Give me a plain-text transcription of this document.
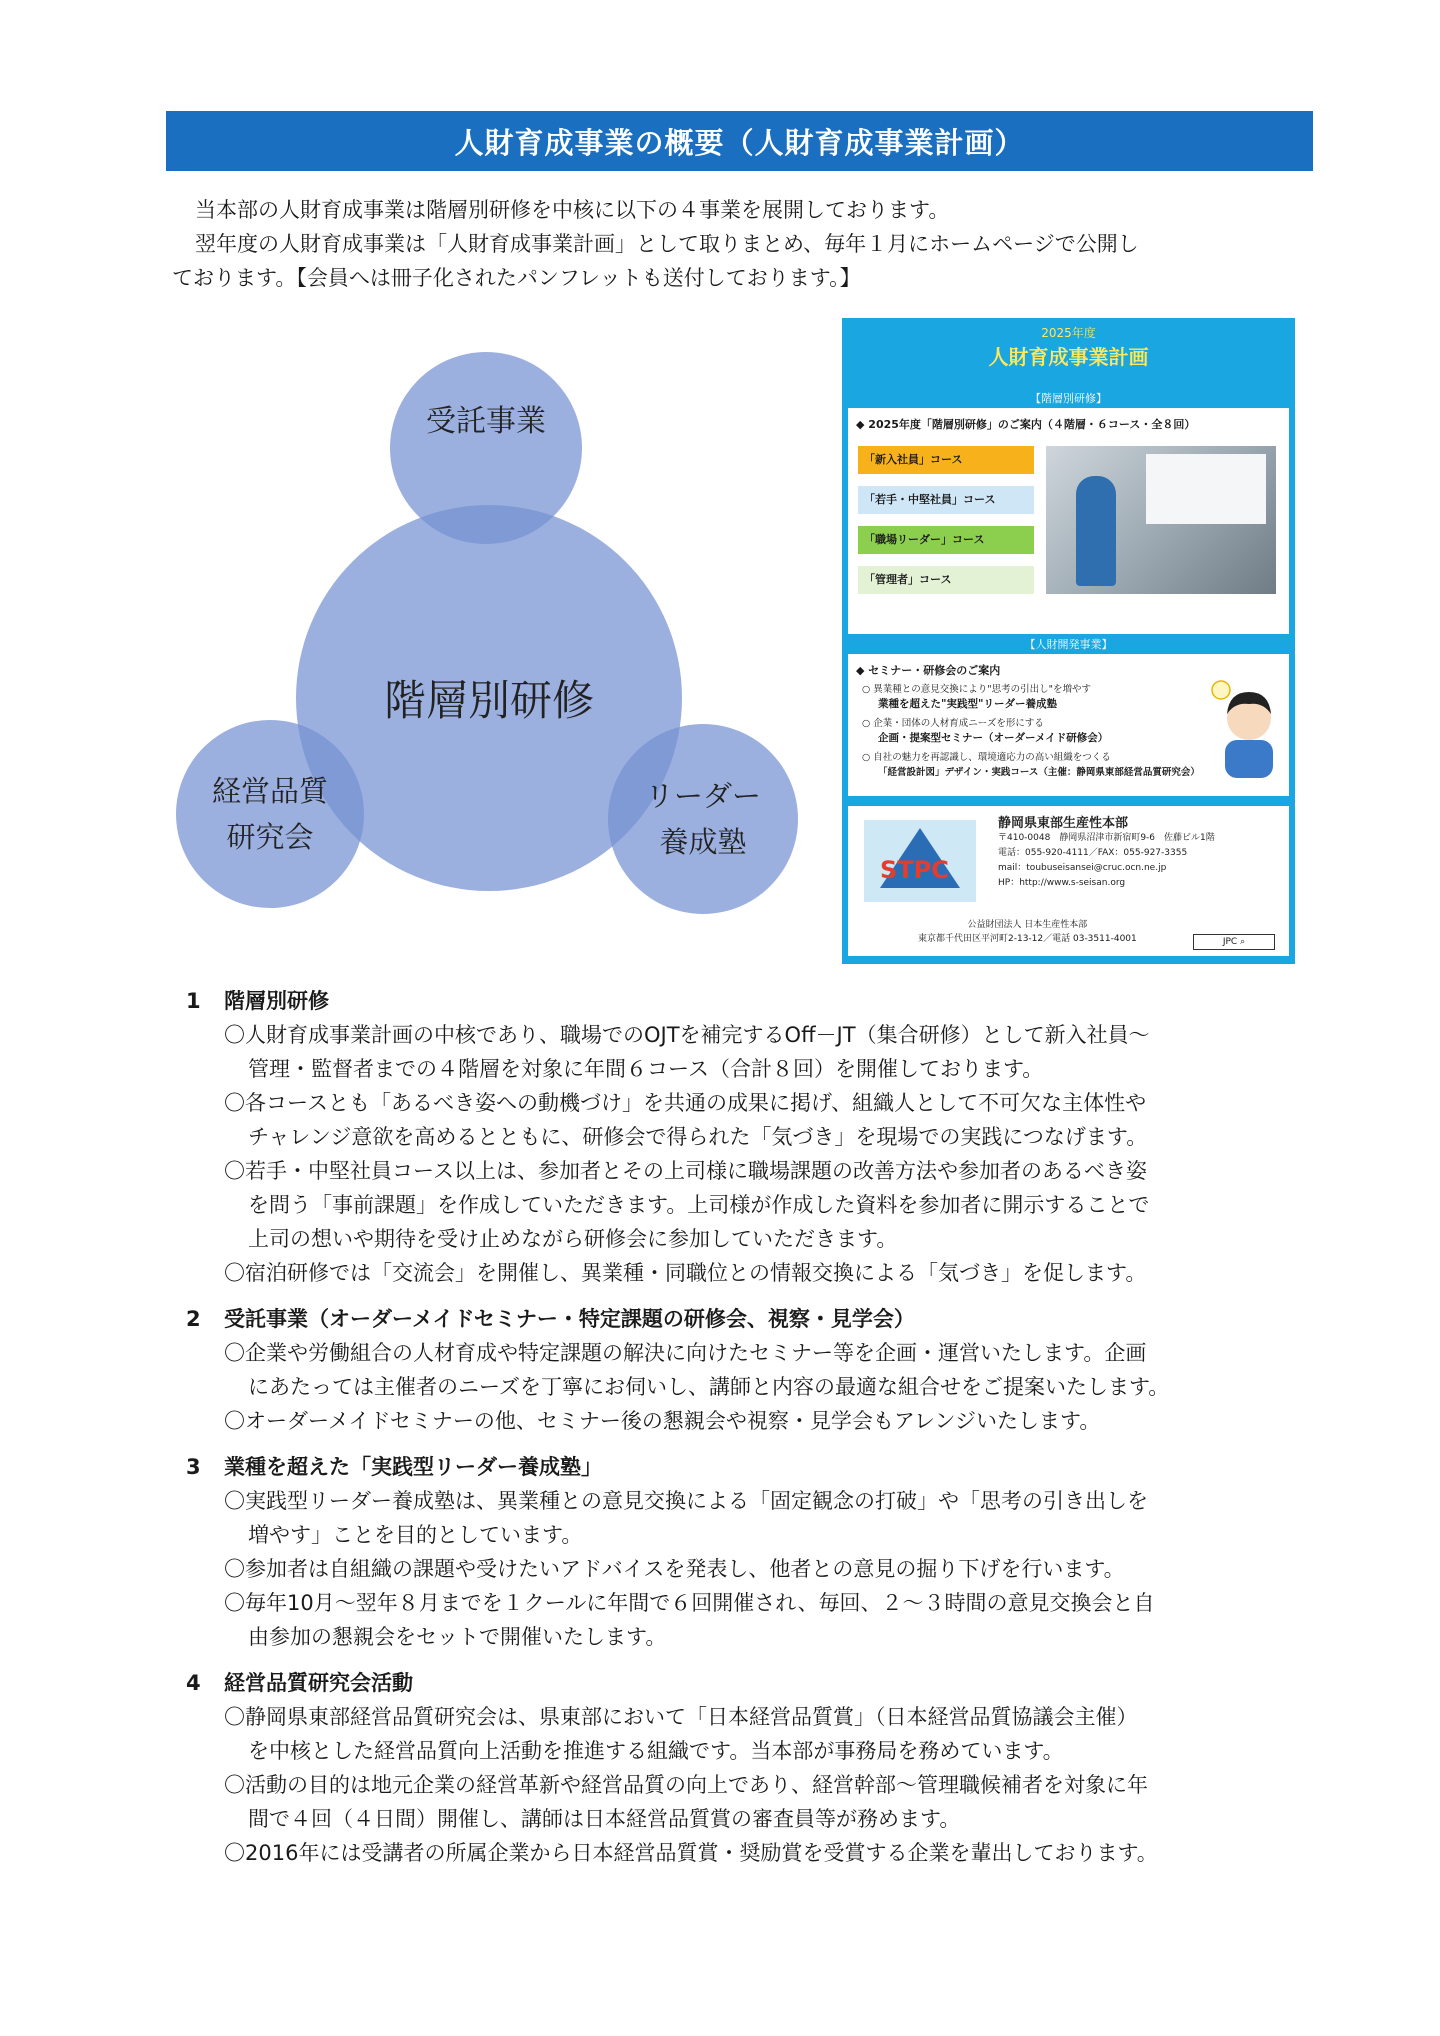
人財育成事業の概要（人財育成事業計画）

当本部の人財育成事業は階層別研修を中核に以下の４事業を展開しております。

翌年度の人財育成事業は「人財育成事業計画」として取りまとめ、毎年１月にホームページで公開し

ております。【会員へは冊子化されたパンフレットも送付しております。】

受託事業
階層別研修
経営品質
研究会
リーダー
養成塾
2025年度
人財育成事業計画
【階層別研修】
◆ 2025年度「階層別研修」のご案内（４階層・６コース・全８回）
「新入社員」コース
「若手・中堅社員」コース
「職場リーダー」コース
「管理者」コース
【人財開発事業】
◆ セミナー・研修会のご案内
○ 異業種との意見交換により"思考の引出し"を増やす
業種を超えた"実践型"リーダー養成塾
○ 企業・団体の人材育成ニーズを形にする
企画・提案型セミナー（オーダーメイド研修会）
○ 自社の魅力を再認識し、環境適応力の高い組織をつくる
「経営設計図」デザイン・実践コース（主催：静岡県東部経営品質研究会）
STPC
静岡県東部生産性本部
〒410-0048　静岡県沼津市新宿町9-6　佐藤ビル1階
電話：055-920-4111／FAX：055-927-3355
mail：toubuseisansei@cruc.ocn.ne.jp
HP：http://www.s-seisan.org
公益財団法人 日本生産性本部
東京都千代田区平河町2-13-12／電話 03-3511-4001	JPC ⌕
1	階層別研修
〇人財育成事業計画の中核であり、職場でのOJTを補完するOff－JT（集合研修）として新入社員～
管理・監督者までの４階層を対象に年間６コース（合計８回）を開催しております。
〇各コースとも「あるべき姿への動機づけ」を共通の成果に掲げ、組織人として不可欠な主体性や
チャレンジ意欲を高めるとともに、研修会で得られた「気づき」を現場での実践につなげます。
〇若手・中堅社員コース以上は、参加者とその上司様に職場課題の改善方法や参加者のあるべき姿
を問う「事前課題」を作成していただきます。上司様が作成した資料を参加者に開示することで
上司の想いや期待を受け止めながら研修会に参加していただきます。
〇宿泊研修では「交流会」を開催し、異業種・同職位との情報交換による「気づき」を促します。
2	受託事業（オーダーメイドセミナー・特定課題の研修会、視察・見学会）
〇企業や労働組合の人材育成や特定課題の解決に向けたセミナー等を企画・運営いたします。企画
にあたっては主催者のニーズを丁寧にお伺いし、講師と内容の最適な組合せをご提案いたします。
〇オーダーメイドセミナーの他、セミナー後の懇親会や視察・見学会もアレンジいたします。
3	業種を超えた「実践型リーダー養成塾」
〇実践型リーダー養成塾は、異業種との意見交換による「固定観念の打破」や「思考の引き出しを
増やす」ことを目的としています。
〇参加者は自組織の課題や受けたいアドバイスを発表し、他者との意見の掘り下げを行います。
〇毎年10月～翌年８月までを１クールに年間で６回開催され、毎回、２～３時間の意見交換会と自
由参加の懇親会をセットで開催いたします。
4	経営品質研究会活動
〇静岡県東部経営品質研究会は、県東部において「日本経営品質賞」（日本経営品質協議会主催）
を中核とした経営品質向上活動を推進する組織です。当本部が事務局を務めています。
〇活動の目的は地元企業の経営革新や経営品質の向上であり、経営幹部～管理職候補者を対象に年
間で４回（４日間）開催し、講師は日本経営品質賞の審査員等が務めます。
〇2016年には受講者の所属企業から日本経営品質賞・奨励賞を受賞する企業を輩出しております。
